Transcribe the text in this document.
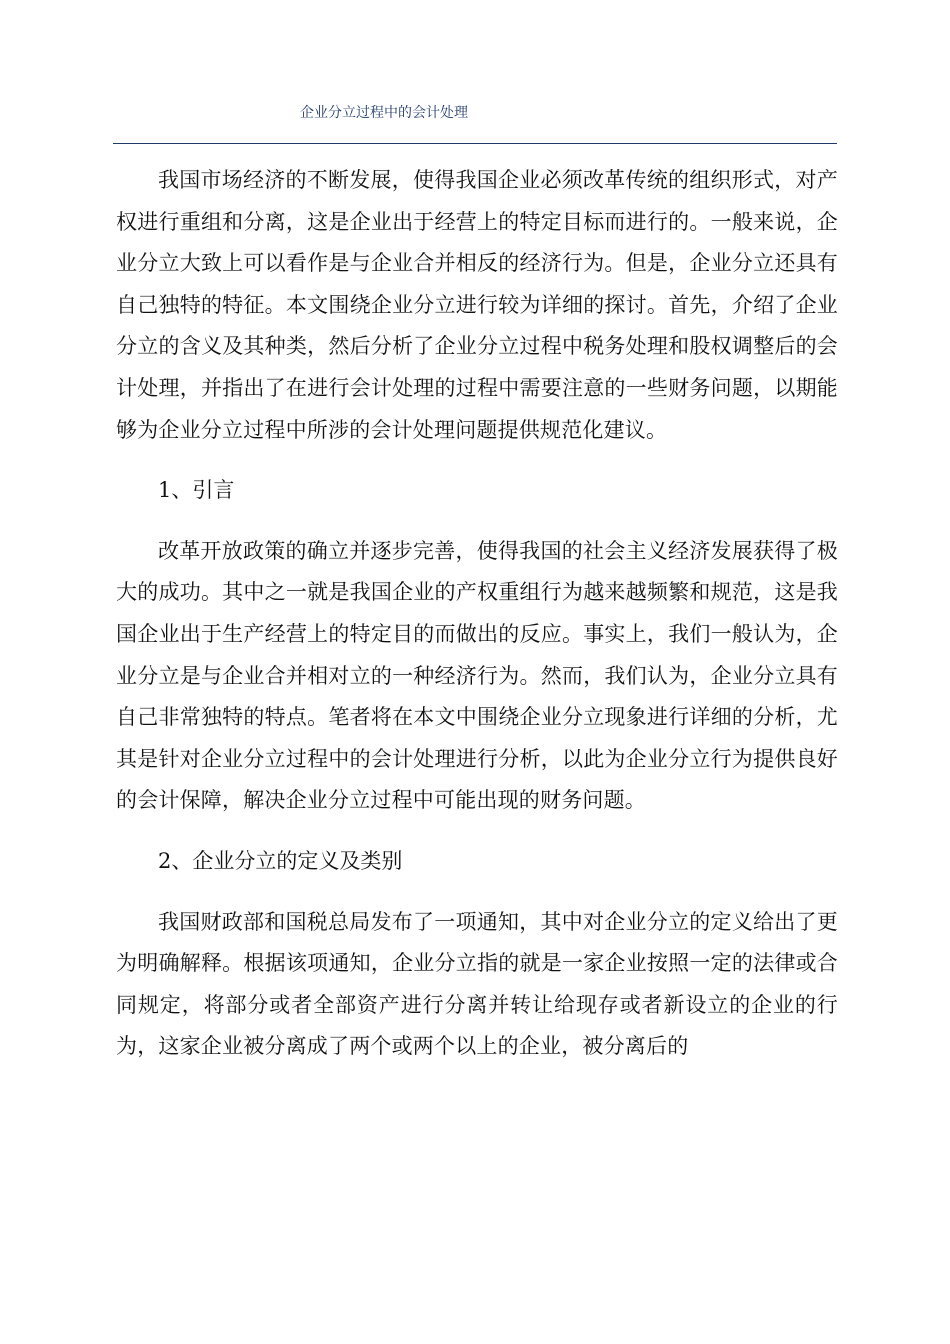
企业分立过程中的会计处理

我国市场经济的不断发展，使得我国企业必须改革传统的组织形式，对产权进行重组和分离，这是企业出于经营上的特定目标而进行的。一般来说，企业分立大致上可以看作是与企业合并相反的经济行为。但是，企业分立还具有自己独特的特征。本文围绕企业分立进行较为详细的探讨。首先，介绍了企业分立的含义及其种类，然后分析了企业分立过程中税务处理和股权调整后的会计处理，并指出了在进行会计处理的过程中需要注意的一些财务问题，以期能够为企业分立过程中所涉的会计处理问题提供规范化建议。

1、引言

改革开放政策的确立并逐步完善，使得我国的社会主义经济发展获得了极大的成功。其中之一就是我国企业的产权重组行为越来越频繁和规范，这是我国企业出于生产经营上的特定目的而做出的反应。事实上，我们一般认为，企业分立是与企业合并相对立的一种经济行为。然而，我们认为，企业分立具有自己非常独特的特点。笔者将在本文中围绕企业分立现象进行详细的分析，尤其是针对企业分立过程中的会计处理进行分析，以此为企业分立行为提供良好的会计保障，解决企业分立过程中可能出现的财务问题。

2、企业分立的定义及类别

我国财政部和国税总局发布了一项通知，其中对企业分立的定义给出了更为明确解释。根据该项通知，企业分立指的就是一家企业按照一定的法律或合同规定，将部分或者全部资产进行分离并转让给现存或者新设立的企业的行为，这家企业被分离成了两个或两个以上的企业，被分离后的
